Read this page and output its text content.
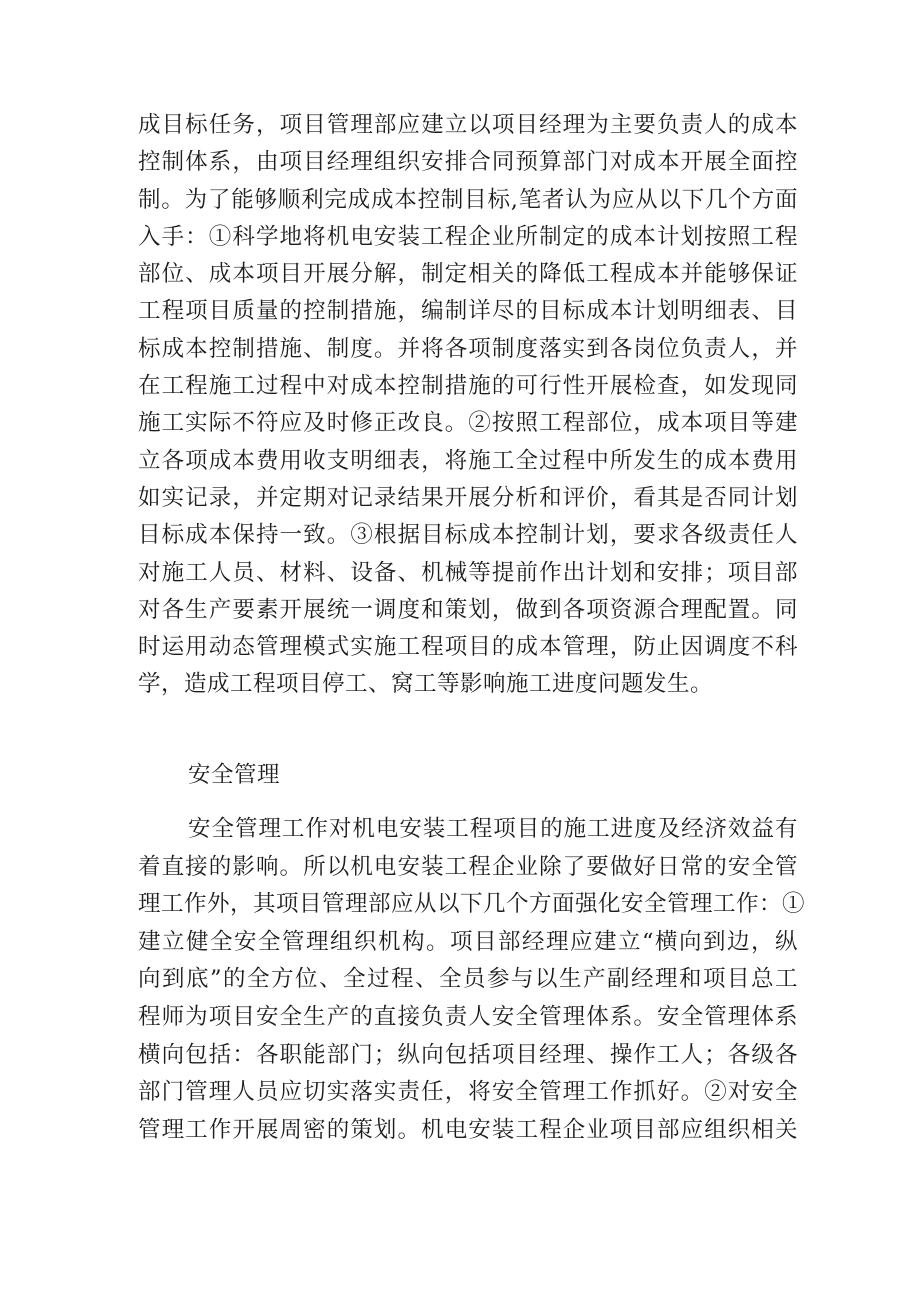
成目标任务，项目管理部应建立以项目经理为主要负责人的成本
控制体系，由项目经理组织安排合同预算部门对成本开展全面控
制。为了能够顺利完成成本控制目标,笔者认为应从以下几个方面
入手：①科学地将机电安装工程企业所制定的成本计划按照工程
部位、成本项目开展分解，制定相关的降低工程成本并能够保证
工程项目质量的控制措施，编制详尽的目标成本计划明细表、目
标成本控制措施、制度。并将各项制度落实到各岗位负责人，并
在工程施工过程中对成本控制措施的可行性开展检查，如发现同
施工实际不符应及时修正改良。②按照工程部位，成本项目等建
立各项成本费用收支明细表，将施工全过程中所发生的成本费用
如实记录，并定期对记录结果开展分析和评价，看其是否同计划
目标成本保持一致。③根据目标成本控制计划，要求各级责任人
对施工人员、材料、设备、机械等提前作出计划和安排；项目部
对各生产要素开展统一调度和策划，做到各项资源合理配置。同
时运用动态管理模式实施工程项目的成本管理，防止因调度不科
学，造成工程项目停工、窝工等影响施工进度问题发生。
安全管理
安全管理工作对机电安装工程项目的施工进度及经济效益有
着直接的影响。所以机电安装工程企业除了要做好日常的安全管
理工作外，其项目管理部应从以下几个方面强化安全管理工作：①
建立健全安全管理组织机构。项目部经理应建立“横向到边，纵
向到底”的全方位、全过程、全员参与以生产副经理和项目总工
程师为项目安全生产的直接负责人安全管理体系。安全管理体系
横向包括：各职能部门；纵向包括项目经理、操作工人；各级各
部门管理人员应切实落实责任，将安全管理工作抓好。②对安全
管理工作开展周密的策划。机电安装工程企业项目部应组织相关
